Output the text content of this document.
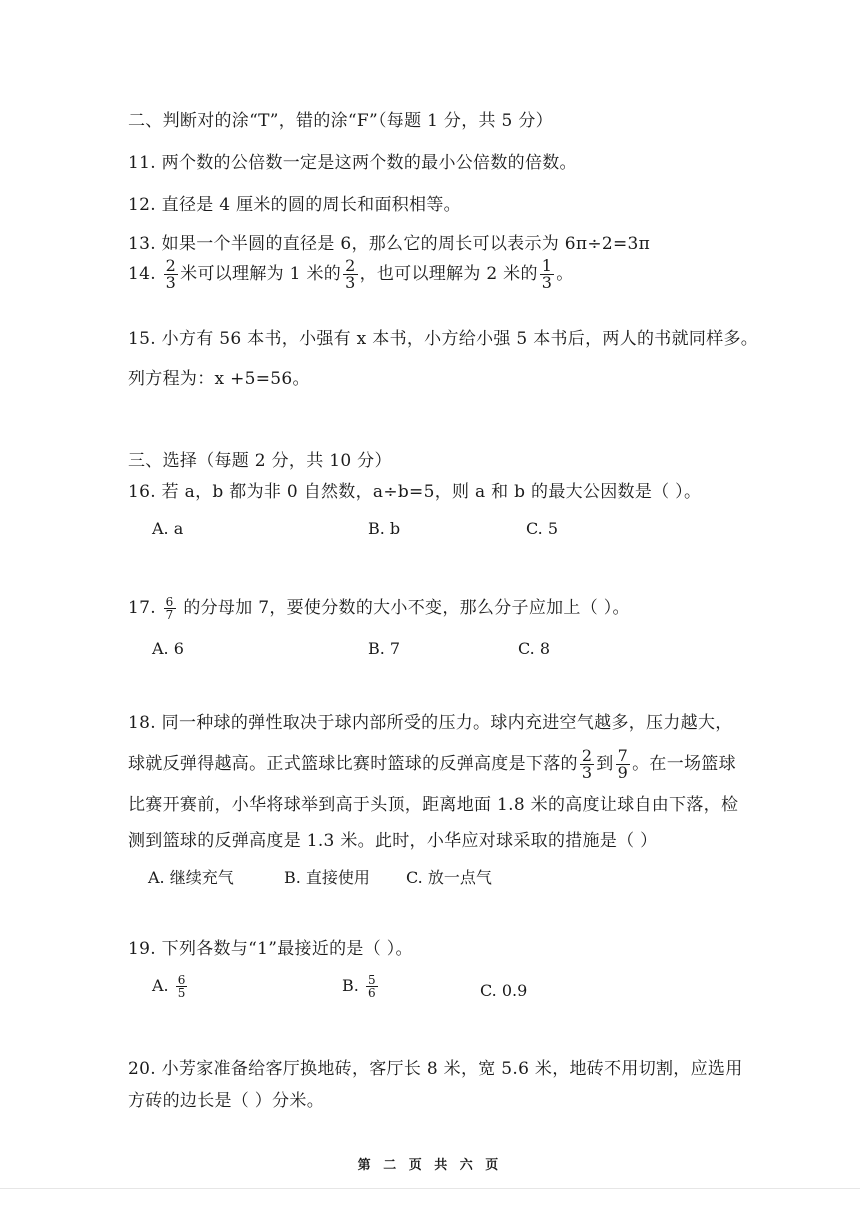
二、判断对的涂“T”，错的涂“F”（每题 1 分，共 5 分）
11. 两个数的公倍数一定是这两个数的最小公倍数的倍数。
12. 直径是 4 厘米的圆的周长和面积相等。
13. 如果一个半圆的直径是 6，那么它的周长可以表示为 6π÷2=3π
14. $\frac{2}{3}$ 米可以理解为 1 米的 $\frac{2}{3}$ ，也可以理解为 2 米的 $\frac{1}{3}$ 。
15. 小方有 56 本书，小强有 x 本书，小方给小强 5 本书后，两人的书就同样多。
列方程为：x +5=56。
三、选择（每题 2 分，共 10 分）
16. 若 a，b 都为非 0 自然数，a÷b=5，则 a 和 b 的最大公因数是（ ）。
A. a	B. b	C. 5
17. $\frac{6}{7}$ 的分母加 7，要使分数的大小不变，那么分子应加上（ ）。
A. 6	B. 7	C. 8
18. 同一种球的弹性取决于球内部所受的压力。球内充进空气越多，压力越大，
球就反弹得越高。正式篮球比赛时篮球的反弹高度是下落的 $\frac{2}{3}$ 到 $\frac{7}{9}$ 。在一场篮球
比赛开赛前，小华将球举到高于头顶，距离地面 1.8 米的高度让球自由下落，检
测到篮球的反弹高度是 1.3 米。此时，小华应对球采取的措施是（ ）
A. 继续充气	B. 直接使用 C. 放一点气
19. 下列各数与“1”最接近的是（ ）。
A. $\frac{6}{5}$	B. $\frac{5}{6}$	C. 0.9
20. 小芳家准备给客厅换地砖，客厅长 8 米，宽 5.6 米，地砖不用切割，应选用
方砖的边长是（ ）分米。
第 二 页 共 六 页
